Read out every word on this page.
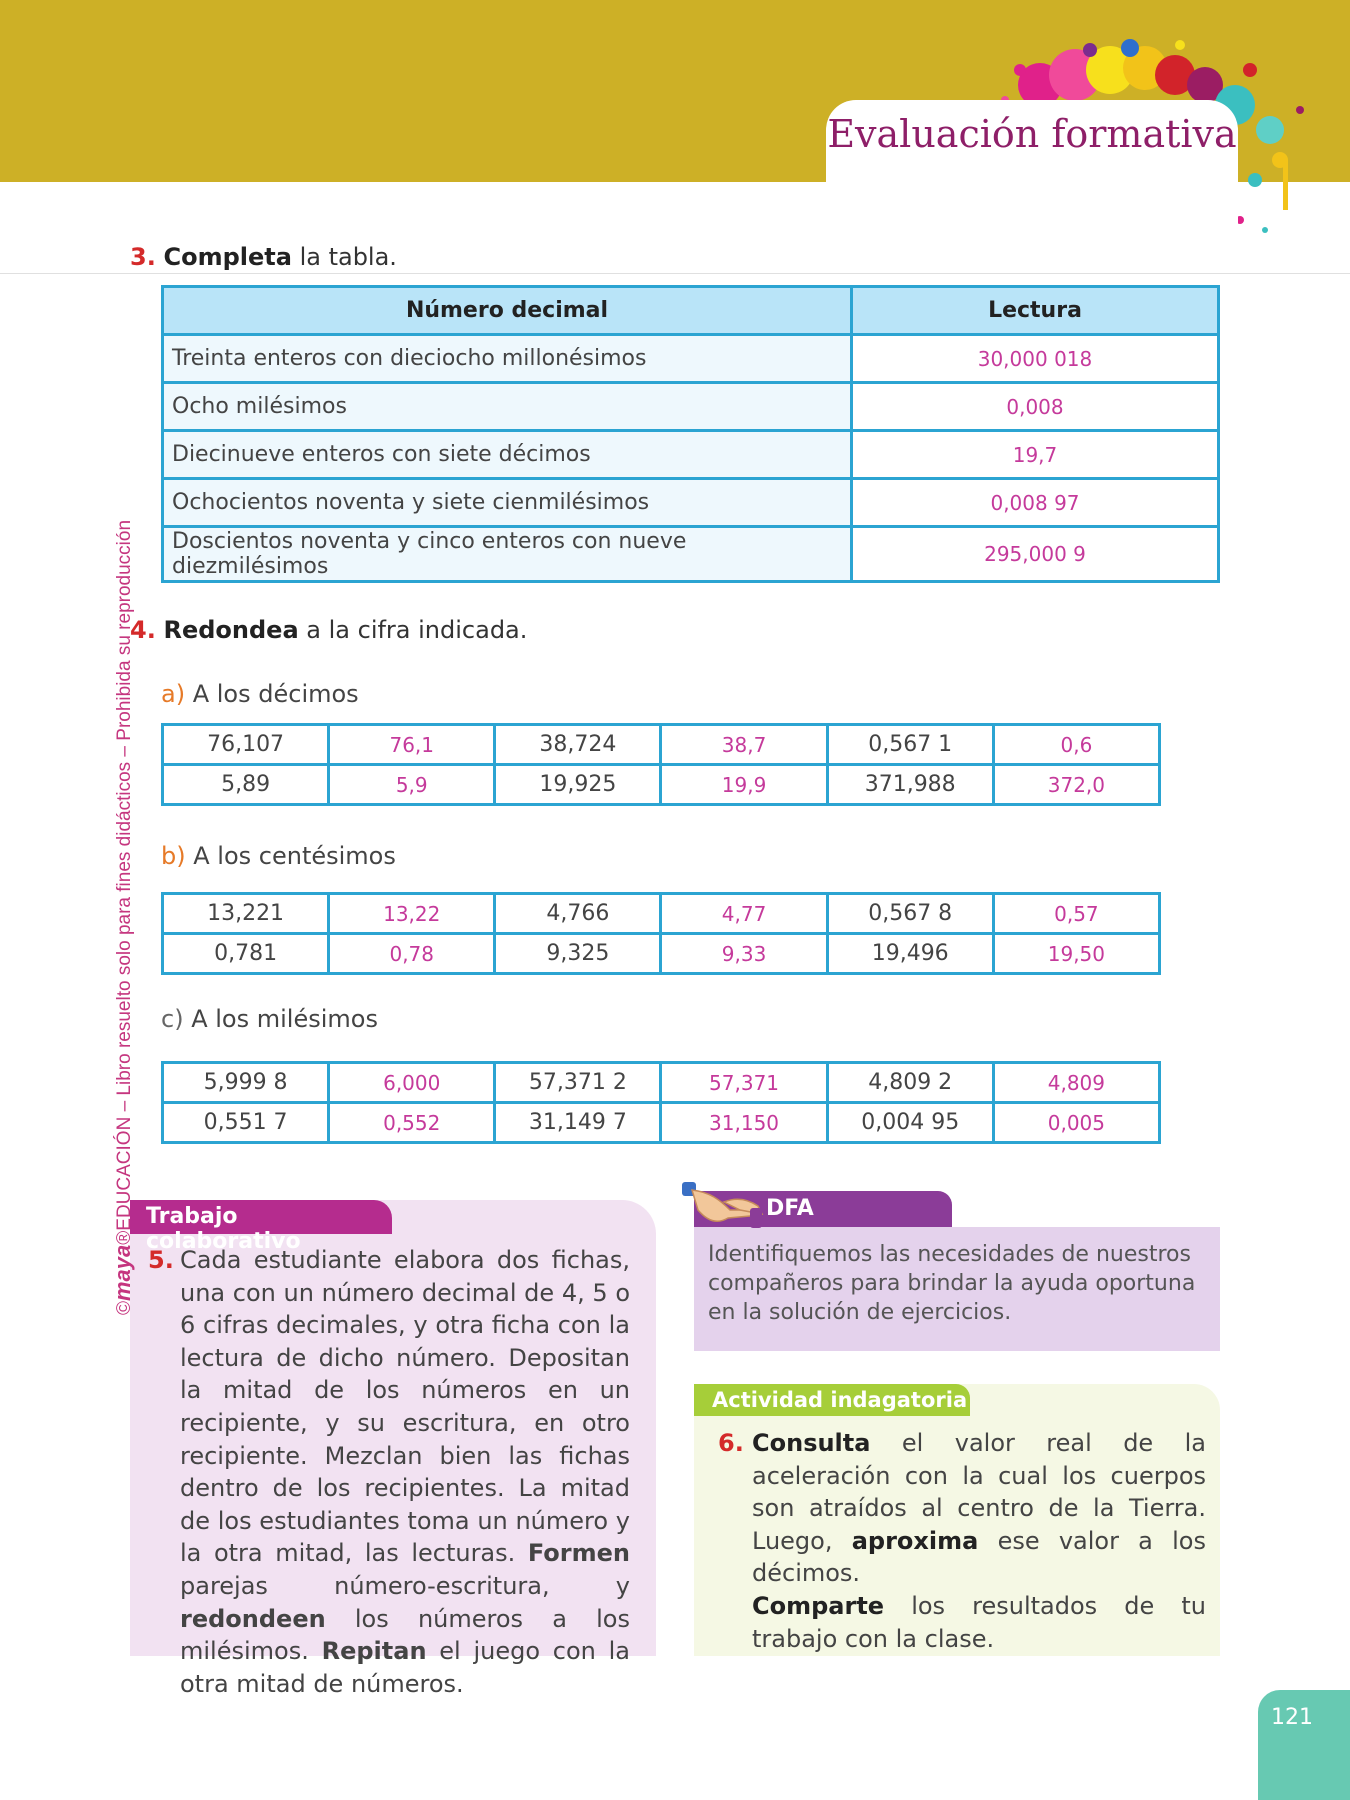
Evaluación formativa
3. Completa la tabla.
Número decimal	Lectura
Treinta enteros con dieciocho millonésimos	30,000 018
Ocho milésimos	0,008
Diecinueve enteros con siete décimos	19,7
Ochocientos noventa y siete cienmilésimos	0,008 97
Doscientos noventa y cinco enteros con nueve diezmilésimos	295,000 9
4. Redondea a la cifra indicada.
a) A los décimos
76,107	76,1	38,724	38,7	0,567 1	0,6
5,89	5,9	19,925	19,9	371,988	372,0
b) A los centésimos
13,221	13,22	4,766	4,77	0,567 8	0,57
0,781	0,78	9,325	9,33	19,496	19,50
c) A los milésimos
5,999 8	6,000	57,371 2	57,371	4,809 2	4,809
0,551 7	0,552	31,149 7	31,150	0,004 95	0,005
Trabajo colaborativo
5. Cada estudiante elabora dos fichas, una con un número decimal de 4, 5 o 6 cifras decimales, y otra ficha con la lectura de dicho número. Depositan la mitad de los números en un recipiente, y su escritura, en otro recipiente. Mezclan bien las fichas dentro de los recipientes. La mitad de los estudiantes toma un número y la otra mitad, las lecturas. Formen parejas número-escritura, y redondeen los números a los milésimos. Repitan el juego con la otra mitad de números.
DFA
Identifiquemos las necesidades de nuestros compañeros para brindar la ayuda oportuna en la solución de ejercicios.
Actividad indagatoria
6. Consulta el valor real de la aceleración con la cual los cuerpos son atraídos al centro de la Tierra. Luego, aproxima ese valor a los décimos.
Comparte los resultados de tu trabajo con la clase.
©maya®EDUCACIÓN – Libro resuelto solo para fines didácticos – Prohibida su reproducción
121
